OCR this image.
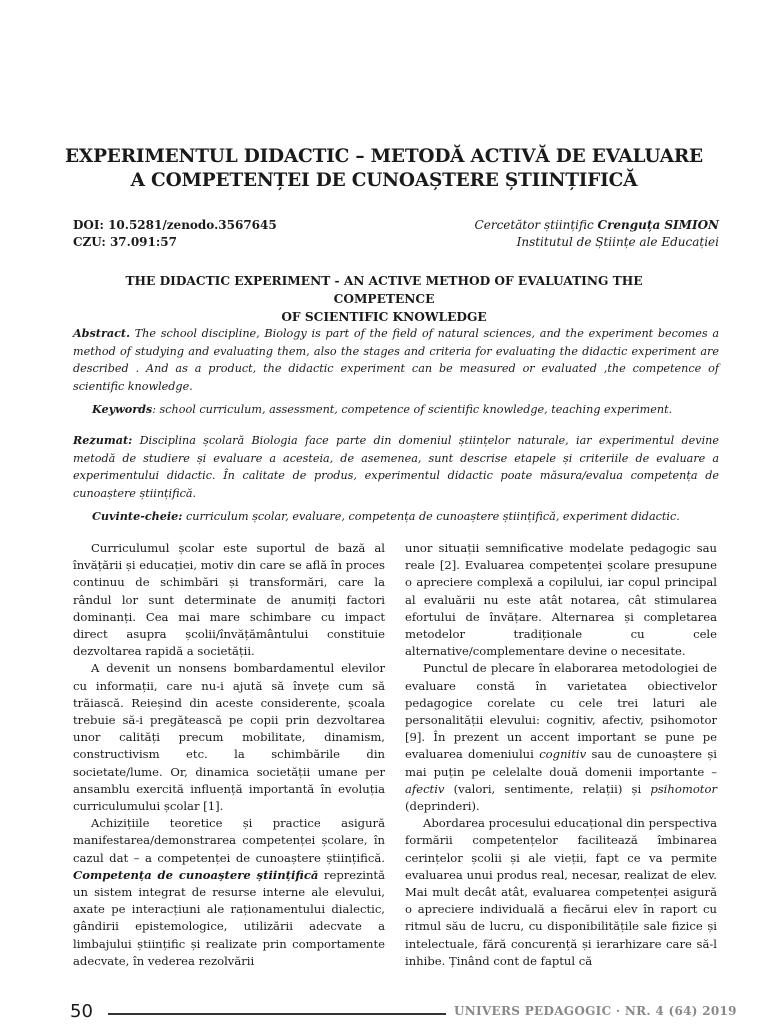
EXPERIMENTUL DIDACTIC – METODĂ ACTIVĂ DE EVALUARE
A COMPETENȚEI DE CUNOAȘTERE ȘTIINȚIFICĂ
DOI: 10.5281/zenodo.3567645
CZU: 37.091:57
Cercetător științific Crenguța SIMION
Institutul de Științe ale Educației
THE DIDACTIC EXPERIMENT - AN ACTIVE METHOD OF EVALUATING THE COMPETENCE
OF SCIENTIFIC KNOWLEDGE
Abstract. The school discipline, Biology is part of the field of natural sciences, and the experiment becomes a method of studying and evaluating them, also the stages and criteria for evaluating the didactic experiment are described . And as a product, the didactic experiment can be measured or evaluated ,the competence of scientific knowledge.
Keywords: school curriculum, assessment, competence of scientific knowledge, teaching experiment.
Rezumat: Disciplina școlară Biologia face parte din domeniul științelor naturale, iar experimentul devine metodă de studiere și evaluare a acesteia, de asemenea, sunt descrise etapele și criteriile de evaluare a experimentului didactic. În calitate de produs, experimentul didactic poate măsura/evalua competența de cunoaștere științifică.
Cuvinte-cheie: curriculum școlar, evaluare, competența de cunoaștere științifică, experiment didactic.

Curriculumul școlar este suportul de bază al învățării și educației, motiv din care se află în proces continuu de schimbări și transformări, care la rândul lor sunt determinate de anumiți factori dominanți. Cea mai mare schimbare cu impact direct asupra școlii/învățământului constituie dezvoltarea rapidă a societății.

A devenit un nonsens bombardamentul elevilor cu informații, care nu-i ajută să învețe cum să trăiască. Reieșind din aceste considerente, școala trebuie să-i pregătească pe copii prin dezvoltarea unor calități precum mobilitate, dinamism, constructivism etc. la schimbările din societate/lume. Or, dinamica societății umane per ansamblu exercită influență importantă în evoluția curriculumului școlar [1].

Achizițiile teoretice și practice asigură manifestarea/demonstrarea competenței școlare, în cazul dat – a competenței de cunoaștere științifică. Competența de cunoaștere științifică reprezintă un sistem integrat de resurse interne ale elevului, axate pe interacțiuni ale raționamentului dialectic, gândirii epistemologice, utilizării adecvate a limbajului științific și realizate prin comportamente adecvate, în vederea rezolvării

unor situații semnificative modelate pedagogic sau reale [2]. Evaluarea competenței școlare presupune o apreciere complexă a copilului, iar copul principal al evaluării nu este atât notarea, cât stimularea efortului de învățare. Alternarea și completarea metodelor tradiționale cu cele alternative/complementare devine o necesitate.

Punctul de plecare în elaborarea metodologiei de evaluare constă în varietatea obiectivelor pedagogice corelate cu cele trei laturi ale personalității elevului: cognitiv, afectiv, psihomotor [9]. În prezent un accent important se pune pe evaluarea domeniului cognitiv sau de cunoaștere și mai puțin pe celelalte două domenii importante – afectiv (valori, sentimente, relații) și psihomotor (deprinderi).

Abordarea procesului educațional din perspectiva formării competențelor facilitează îmbinarea cerințelor școlii și ale vieții, fapt ce va permite evaluarea unui produs real, necesar, realizat de elev. Mai mult decât atât, evaluarea competenței asigură o apreciere individuală a fiecărui elev în raport cu ritmul său de lucru, cu disponibilitățile sale fizice și intelectuale, fără concurență și ierarhizare care să-l inhibe. Ținând cont de faptul că

50	UNIVERS PEDAGOGIC · NR. 4 (64) 2019
